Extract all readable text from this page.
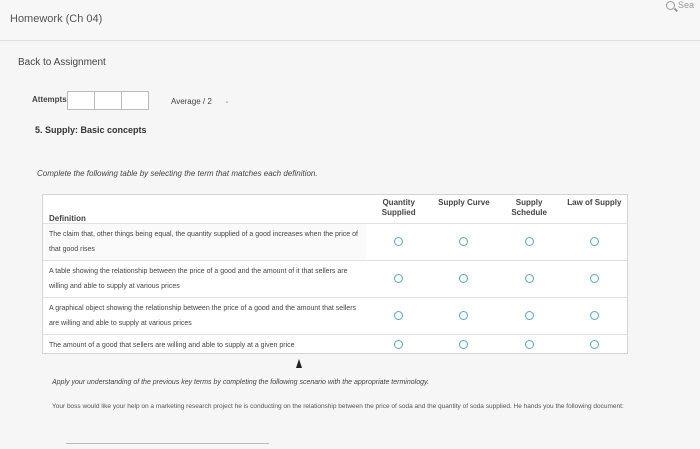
Homework (Ch 04)
Sea
Back to Assignment
Attempts	Average / 2
5. Supply: Basic concepts
Complete the following table by selecting the term that matches each definition.
Definition	Quantity Supplied	Supply Curve	Supply Schedule	Law of Supply
The claim that, other things being equal, the quantity supplied of a good increases when the price of that good rises				
A table showing the relationship between the price of a good and the amount of it that sellers are willing and able to supply at various prices				
A graphical object showing the relationship between the price of a good and the amount that sellers are willing and able to supply at various prices				
The amount of a good that sellers are willing and able to supply at a given price				
Apply your understanding of the previous key terms by completing the following scenario with the appropriate terminology.
Your boss would like your help on a marketing research project he is conducting on the relationship between the price of soda and the quantity of soda supplied. He hands you the following document:
